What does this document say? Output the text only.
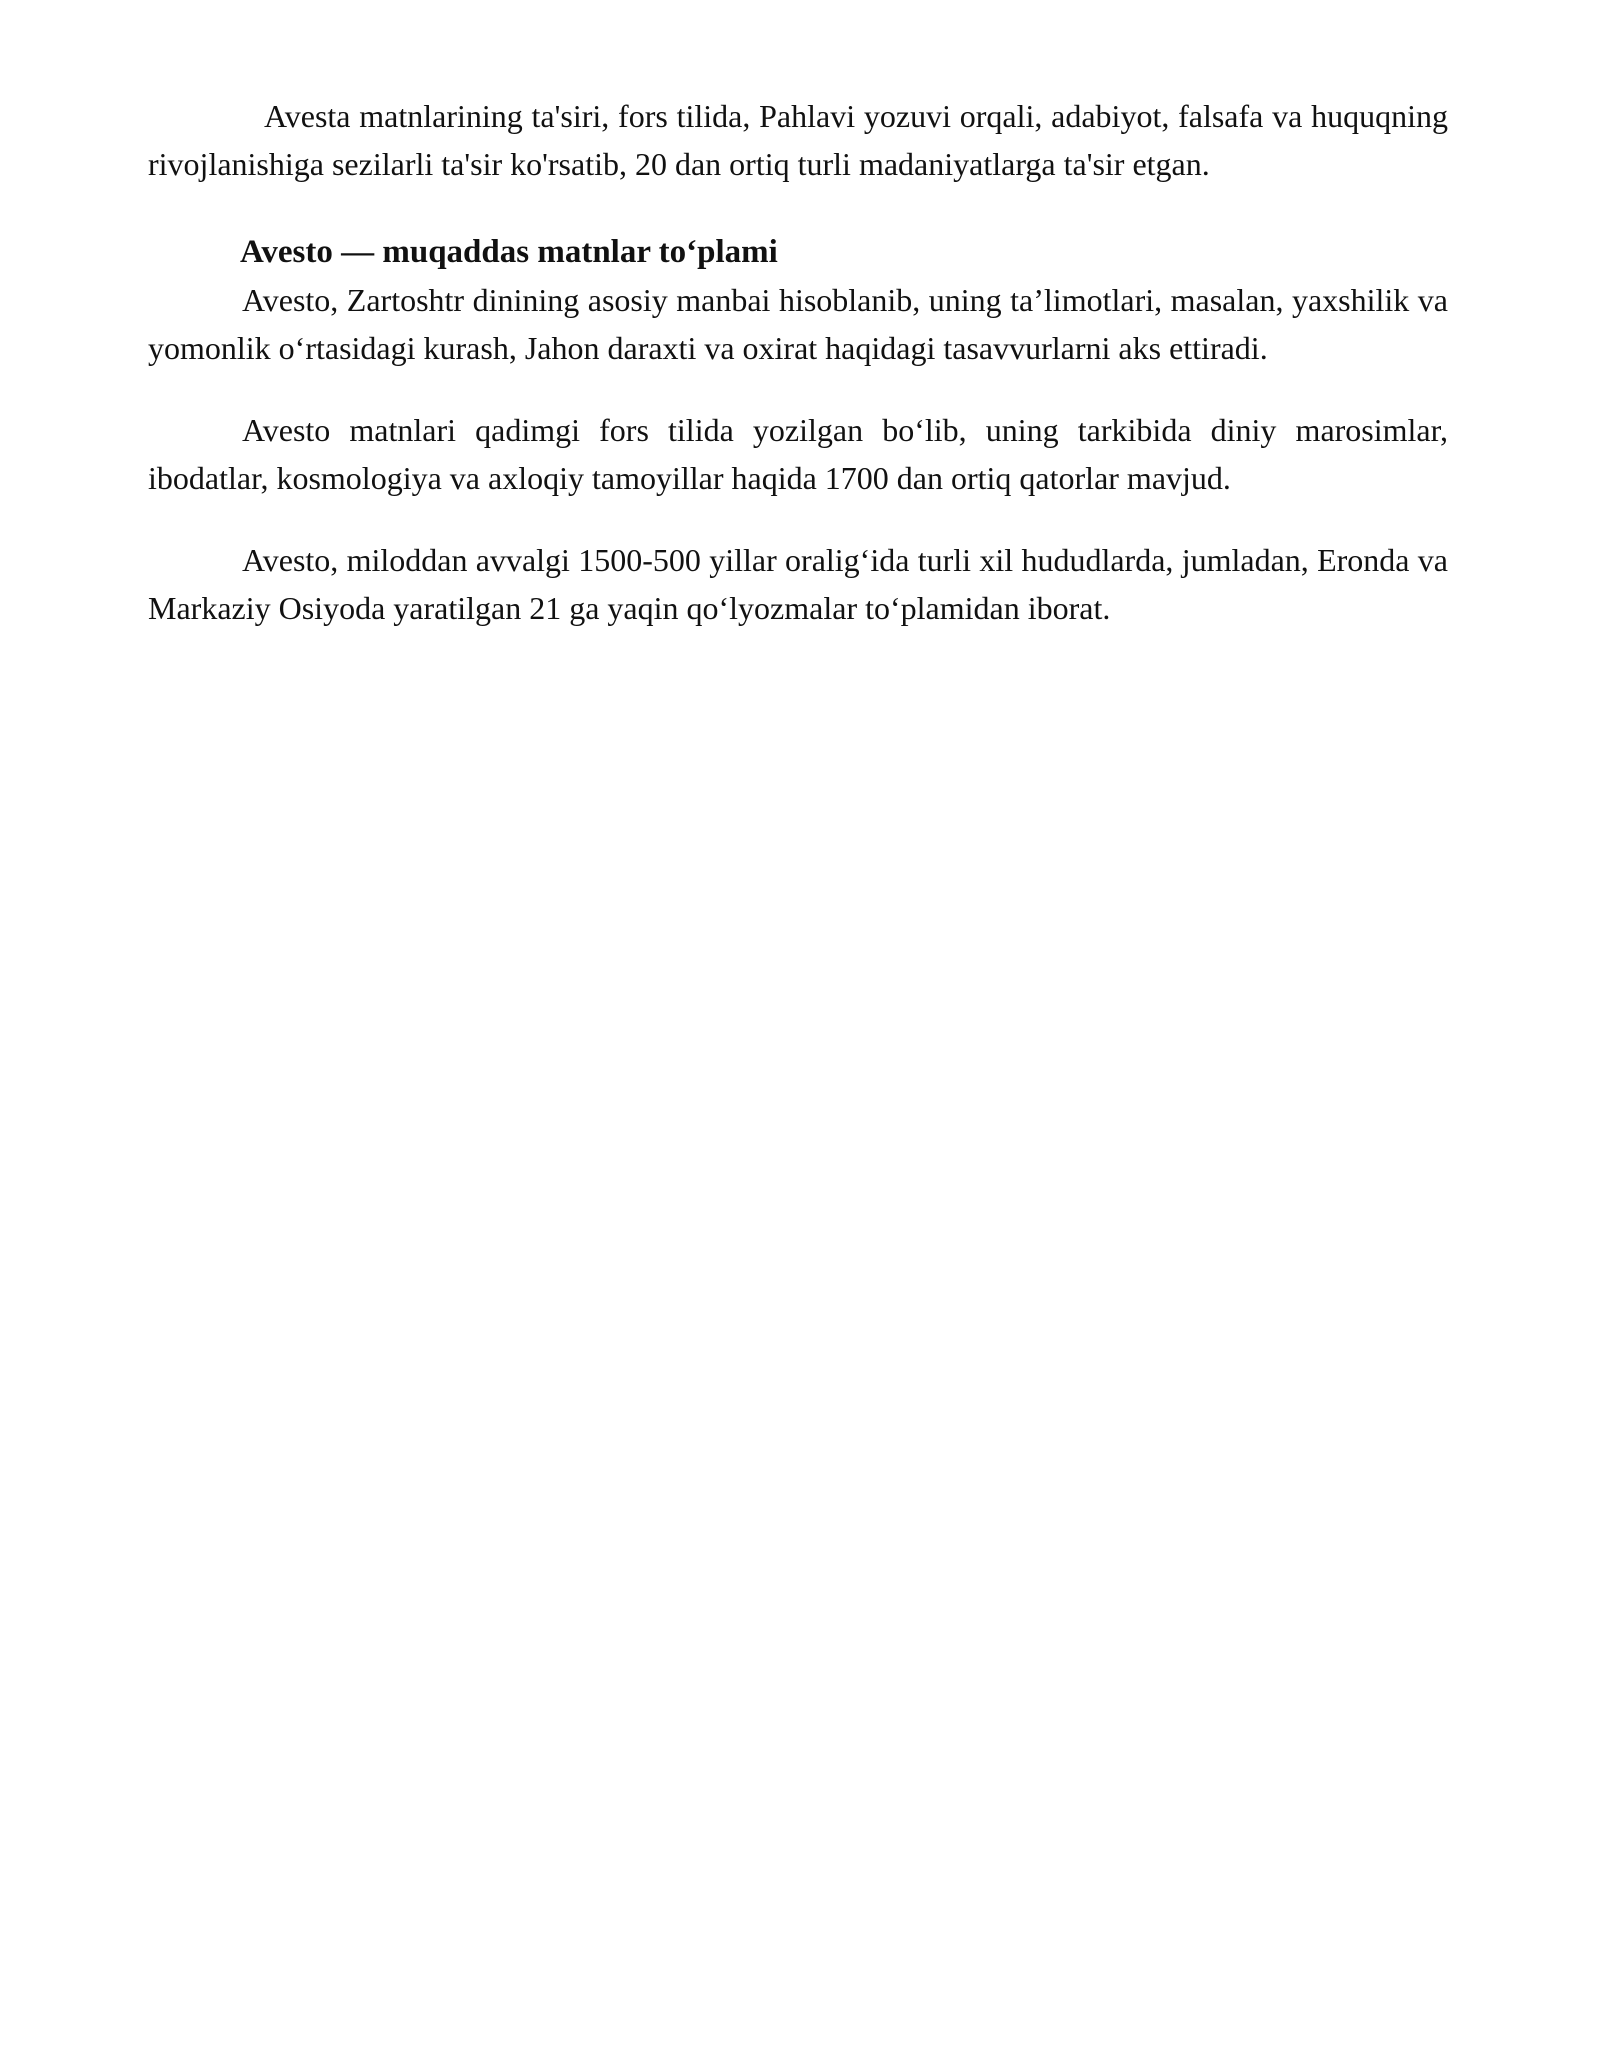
Avesta matnlarining ta'siri, fors tilida, Pahlavi yozuvi orqali, adabiyot, falsafa va huquqning rivojlanishiga sezilarli ta'sir ko'rsatib, 20 dan ortiq turli madaniyatlarga ta'sir etgan.

Avesto — muqaddas matnlar to‘plami

Avesto, Zartoshtr dinining asosiy manbai hisoblanib, uning ta’limotlari, masalan, yaxshilik va yomonlik o‘rtasidagi kurash, Jahon daraxti va oxirat haqidagi tasavvurlarni aks ettiradi.

Avesto matnlari qadimgi fors tilida yozilgan bo‘lib, uning tarkibida diniy marosimlar, ibodatlar, kosmologiya va axloqiy tamoyillar haqida 1700 dan ortiq qatorlar mavjud.

Avesto, miloddan avvalgi 1500-500 yillar oralig‘ida turli xil hududlarda, jumladan, Eronda va Markaziy Osiyoda yaratilgan 21 ga yaqin qo‘lyozmalar to‘plamidan iborat.
